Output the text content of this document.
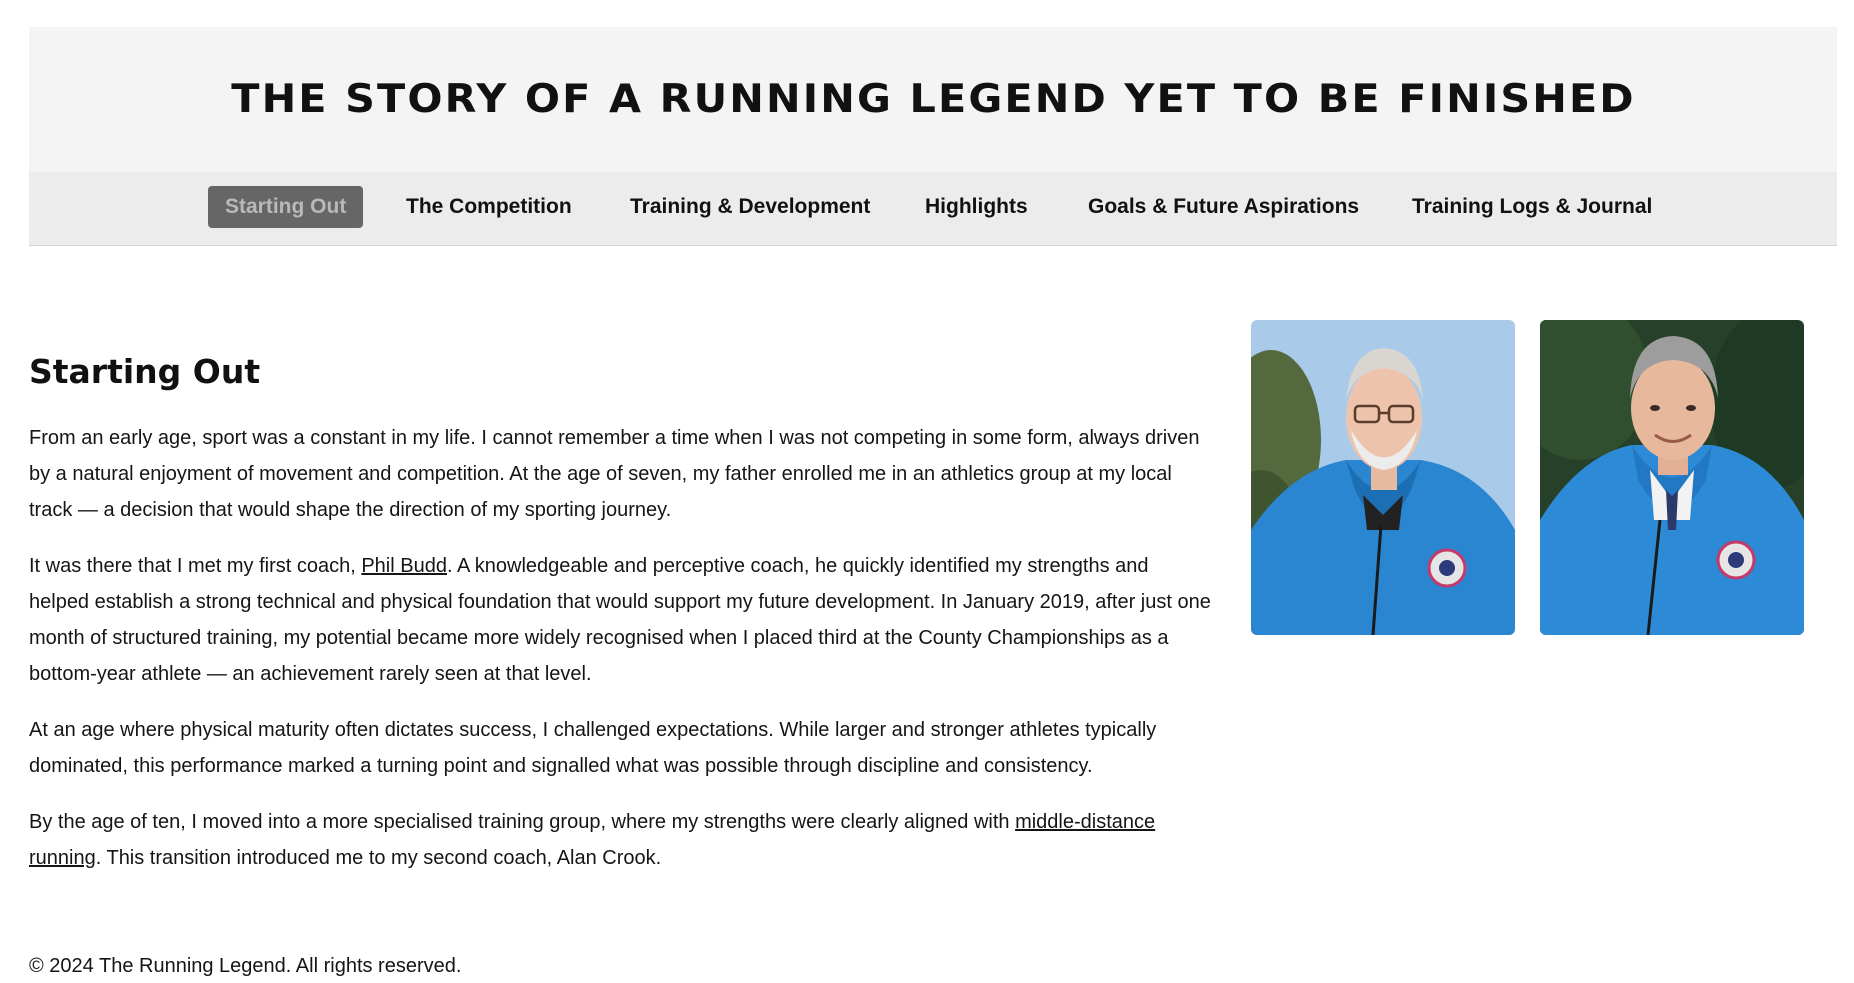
THE STORY OF A RUNNING LEGEND YET TO BE FINISHED
Starting Out	The Competition	Training & Development	Highlights	Goals & Future Aspirations	Training Logs & Journal
Starting Out

From an early age, sport was a constant in my life. I cannot remember a time when I was not competing in some form, always driven by a natural enjoyment of movement and competition. At the age of seven, my father enrolled me in an athletics group at my local track — a decision that would shape the direction of my sporting journey.

It was there that I met my first coach, Phil Budd. A knowledgeable and perceptive coach, he quickly identified my strengths and helped establish a strong technical and physical foundation that would support my future development. In January 2019, after just one month of structured training, my potential became more widely recognised when I placed third at the County Championships as a bottom-year athlete — an achievement rarely seen at that level.

At an age where physical maturity often dictates success, I challenged expectations. While larger and stronger athletes typically dominated, this performance marked a turning point and signalled what was possible through discipline and consistency.

By the age of ten, I moved into a more specialised training group, where my strengths were clearly aligned with middle-distance running. This transition introduced me to my second coach, Alan Crook.

© 2024 The Running Legend. All rights reserved.
